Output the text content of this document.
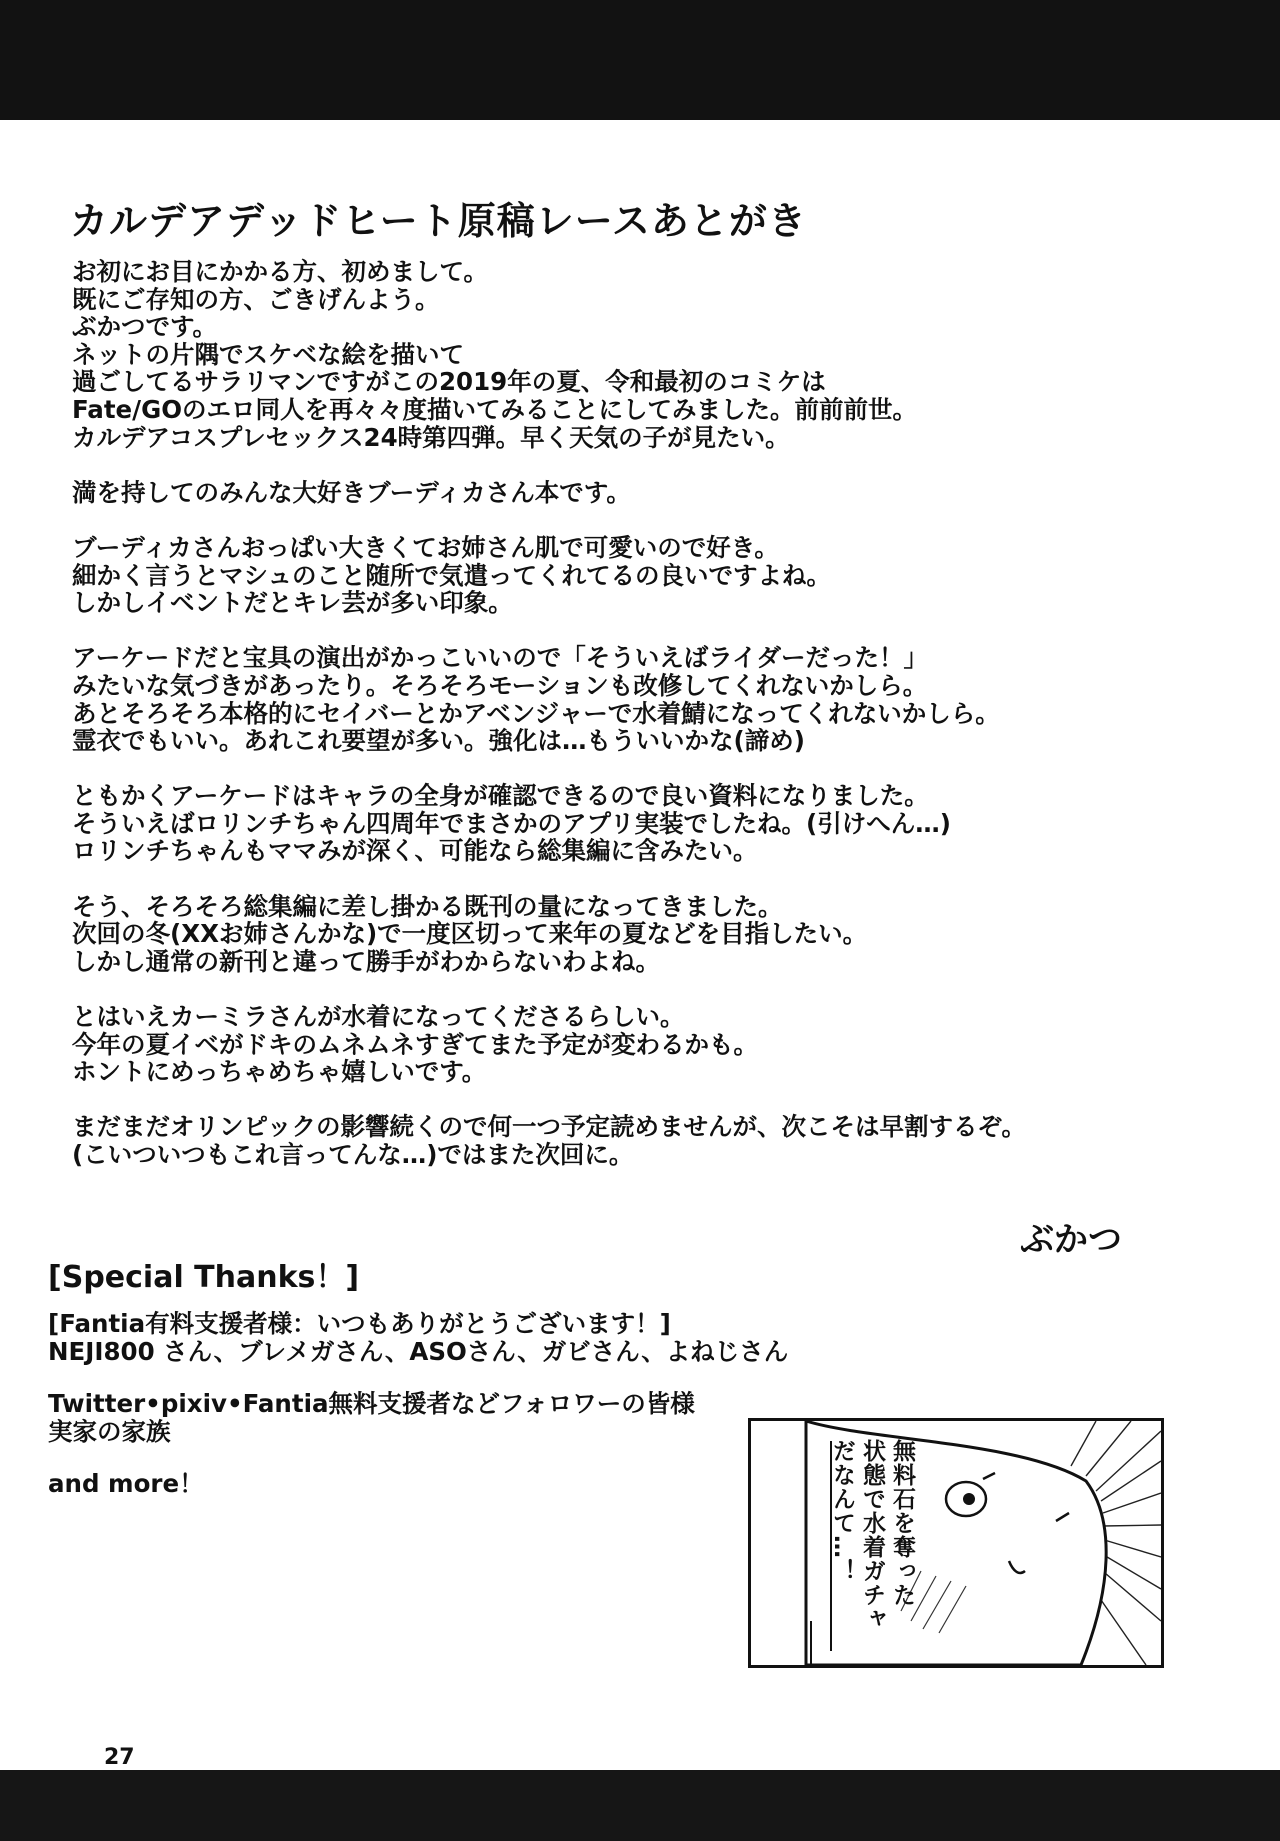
カルデアデッドヒート原稿レースあとがき
お初にお目にかかる方、初めまして。
既にご存知の方、ごきげんよう。
ぶかつです。
ネットの片隅でスケベな絵を描いて
過ごしてるサラリマンですがこの2019年の夏、令和最初のコミケは
Fate/GOのエロ同人を再々々度描いてみることにしてみました。前前前世。
カルデアコスプレセックス24時第四弾。早く天気の子が見たい。
満を持してのみんな大好きブーディカさん本です。
ブーディカさんおっぱい大きくてお姉さん肌で可愛いので好き。
細かく言うとマシュのこと随所で気遣ってくれてるの良いですよね。
しかしイベントだとキレ芸が多い印象。
アーケードだと宝具の演出がかっこいいので「そういえばライダーだった！」
みたいな気づきがあったり。そろそろモーションも改修してくれないかしら。
あとそろそろ本格的にセイバーとかアベンジャーで水着鯖になってくれないかしら。
霊衣でもいい。あれこれ要望が多い。強化は…もういいかな(諦め)
ともかくアーケードはキャラの全身が確認できるので良い資料になりました。
そういえばロリンチちゃん四周年でまさかのアプリ実装でしたね。(引けへん…)
ロリンチちゃんもママみが深く、可能なら総集編に含みたい。
そう、そろそろ総集編に差し掛かる既刊の量になってきました。
次回の冬(XXお姉さんかな)で一度区切って来年の夏などを目指したい。
しかし通常の新刊と違って勝手がわからないわよね。
とはいえカーミラさんが水着になってくださるらしい。
今年の夏イベがドキのムネムネすぎてまた予定が変わるかも。
ホントにめっちゃめちゃ嬉しいです。
まだまだオリンピックの影響続くので何一つ予定読めませんが、次こそは早割するぞ。
(こいついつもこれ言ってんな…)ではまた次回に。
ぶかつ
[Special Thanks！]
[Fantia有料支援者様：いつもありがとうございます！]
NEJI800 さん、ブレメガさん、ASOさん、ガビさん、よねじさん
Twitter•pixiv•Fantia無料支援者などフォロワーの皆様
実家の家族
and more！	無料石を奪った
状態で水着ガチャ
だなんて…！
27
